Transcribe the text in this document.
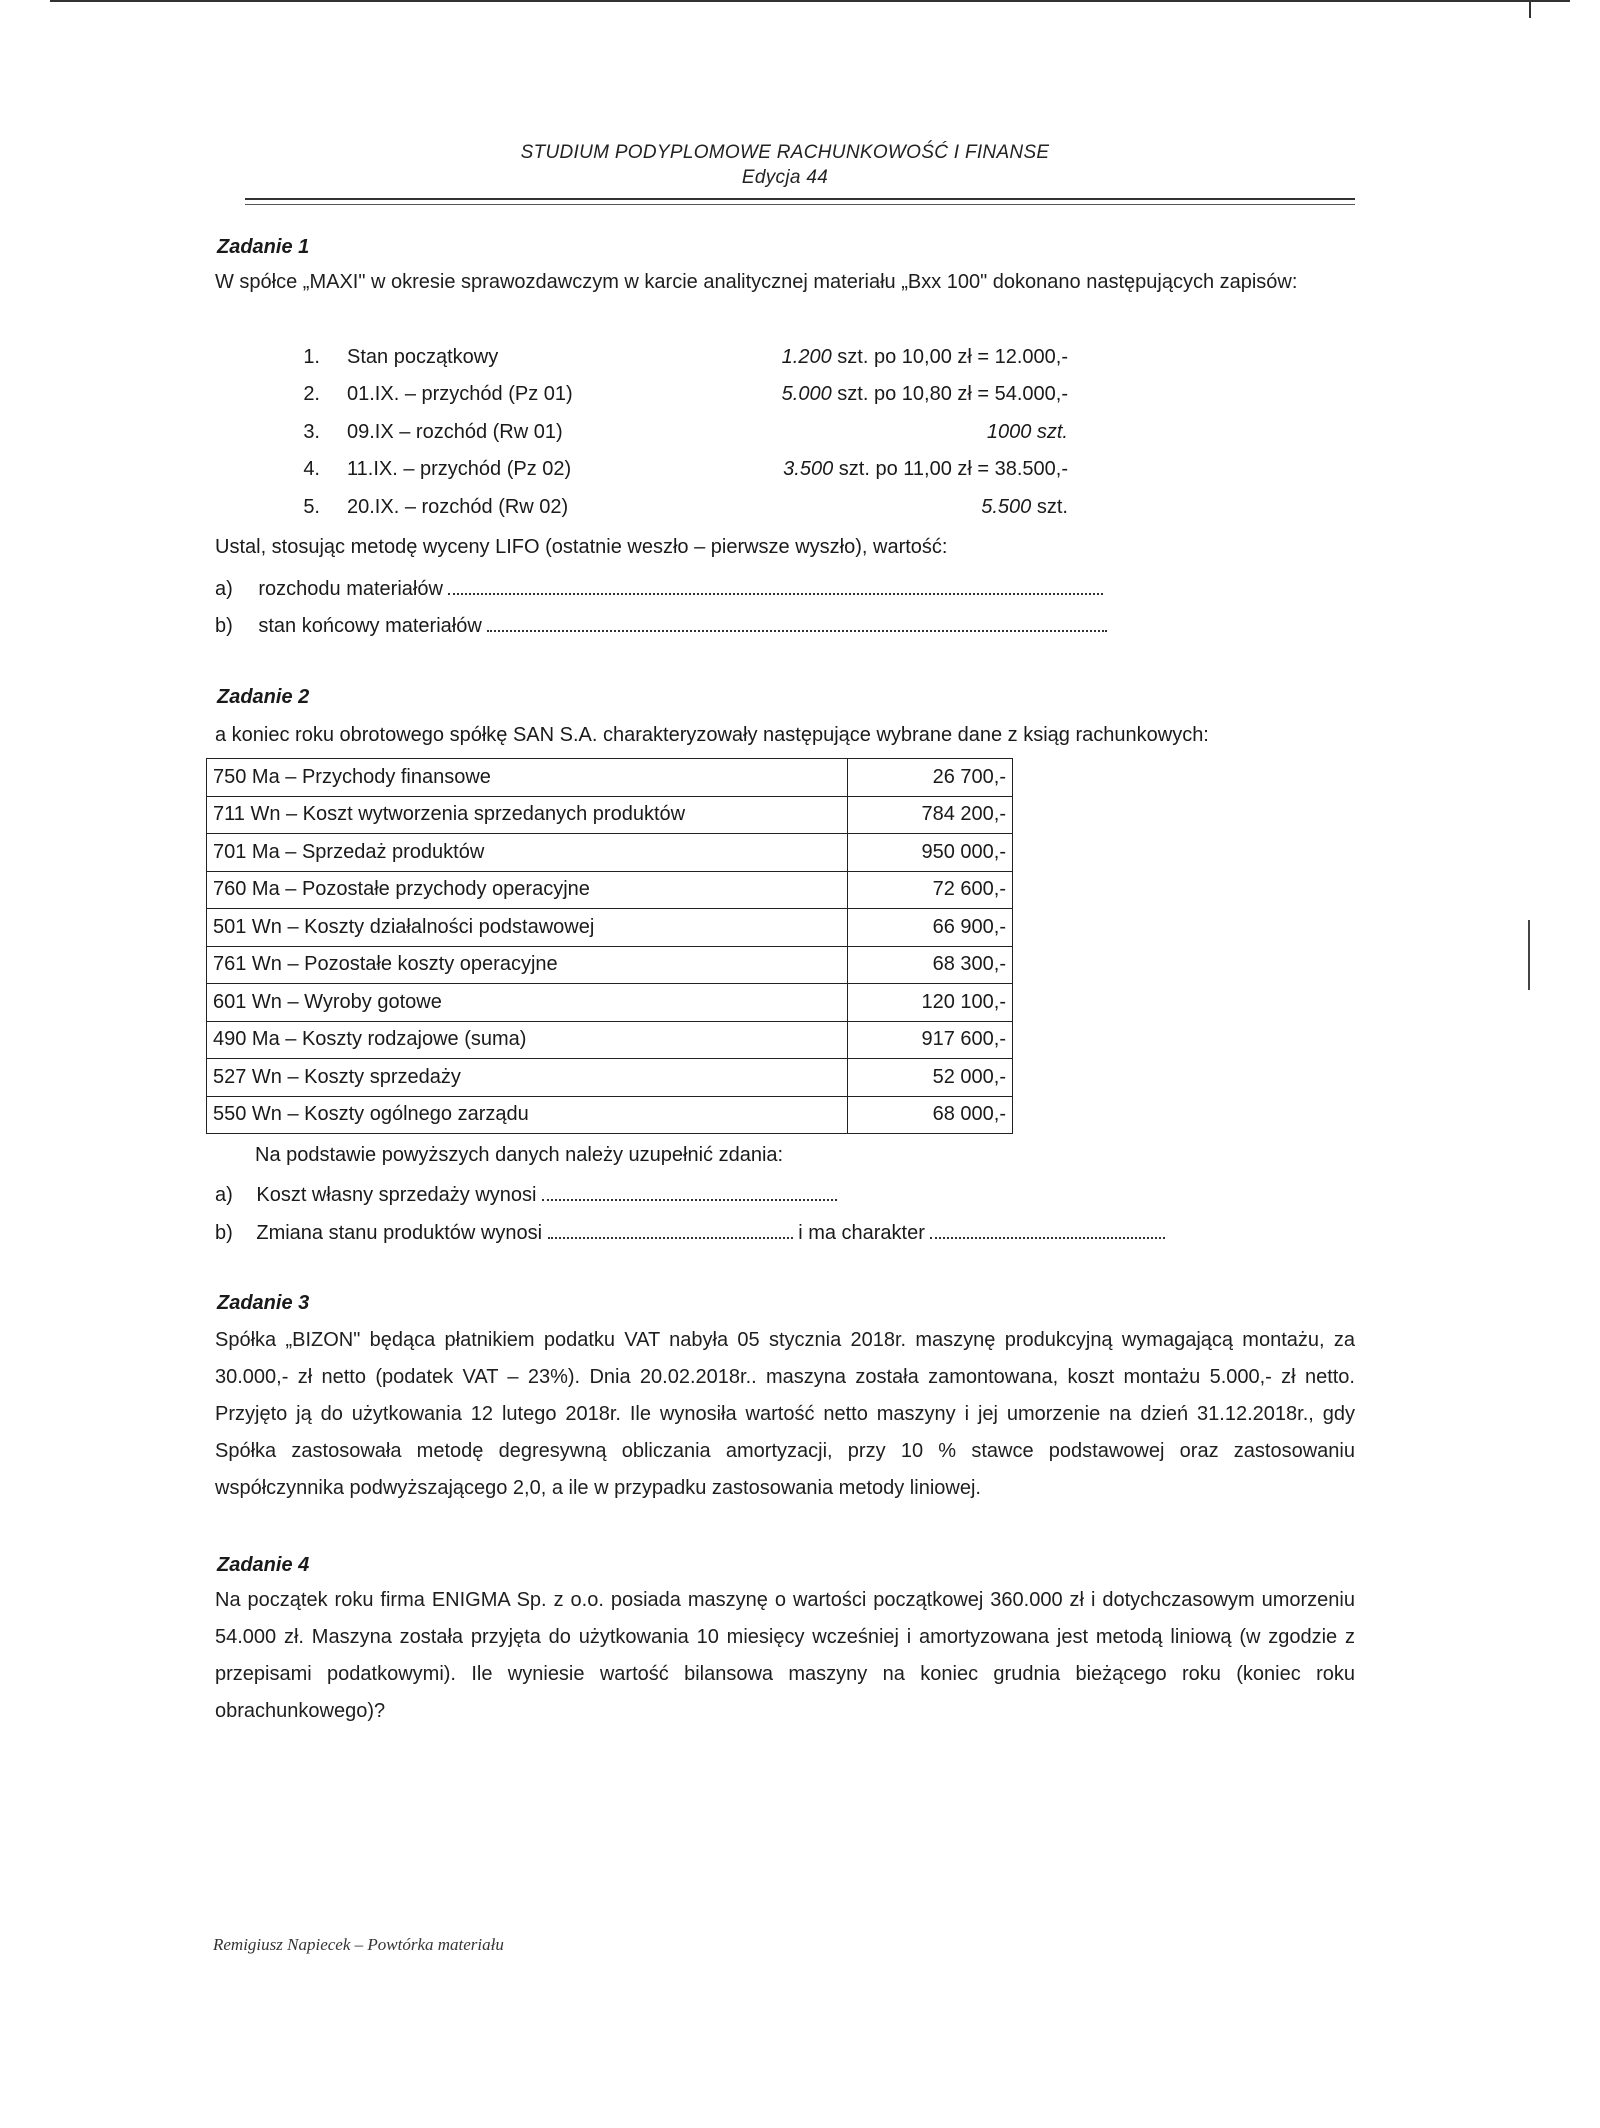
STUDIUM PODYPLOMOWE RACHUNKOWOŚĆ I FINANSE
Edycja 44
Zadanie 1
W spółce „MAXI" w okresie sprawozdawczym w karcie analitycznej materiału „Bxx 100" dokonano następujących zapisów:
1. Stan początkowy	1.200 szt. po 10,00 zł = 12.000,-
2. 01.IX. – przychód (Pz 01)	5.000 szt. po 10,80 zł = 54.000,-
3. 09.IX – rozchód (Rw 01)	1000 szt.
4. 11.IX. – przychód (Pz 02)	3.500 szt. po 11,00 zł = 38.500,-
5. 20.IX. – rozchód (Rw 02)	5.500 szt.
Ustal, stosując metodę wyceny LIFO (ostatnie weszło – pierwsze wyszło), wartość:
a) rozchodu materiałów
b) stan końcowy materiałów
Zadanie 2
a koniec roku obrotowego spółkę SAN S.A. charakteryzowały następujące wybrane dane z ksiąg rachunkowych:
750 Ma – Przychody finansowe	26 700,-
711 Wn – Koszt wytworzenia sprzedanych produktów	784 200,-
701 Ma – Sprzedaż produktów	950 000,-
760 Ma – Pozostałe przychody operacyjne	72 600,-
501 Wn – Koszty działalności podstawowej	66 900,-
761 Wn – Pozostałe koszty operacyjne	68 300,-
601 Wn – Wyroby gotowe	120 100,-
490 Ma – Koszty rodzajowe (suma)	917 600,-
527 Wn – Koszty sprzedaży	52 000,-
550 Wn – Koszty ogólnego zarządu	68 000,-
Na podstawie powyższych danych należy uzupełnić zdania:
a) Koszt własny sprzedaży wynosi
b) Zmiana stanu produktów wynosi	i ma charakter
Zadanie 3
Spółka „BIZON" będąca płatnikiem podatku VAT nabyła 05 stycznia 2018r. maszynę produkcyjną wymagającą montażu, za 30.000,- zł netto (podatek VAT – 23%). Dnia 20.02.2018r.. maszyna została zamontowana, koszt montażu 5.000,- zł netto. Przyjęto ją do użytkowania 12 lutego 2018r. Ile wynosiła wartość netto maszyny i jej umorzenie na dzień 31.12.2018r., gdy Spółka zastosowała metodę degresywną obliczania amortyzacji, przy 10 % stawce podstawowej oraz zastosowaniu współczynnika podwyższającego 2,0, a ile w przypadku zastosowania metody liniowej.
Zadanie 4
Na początek roku firma ENIGMA Sp. z o.o. posiada maszynę o wartości początkowej 360.000 zł i dotychczasowym umorzeniu 54.000 zł. Maszyna została przyjęta do użytkowania 10 miesięcy wcześniej i amortyzowana jest metodą liniową (w zgodzie z przepisami podatkowymi). Ile wyniesie wartość bilansowa maszyny na koniec grudnia bieżącego roku (koniec roku obrachunkowego)?
Remigiusz Napiecek – Powtórka materiału
